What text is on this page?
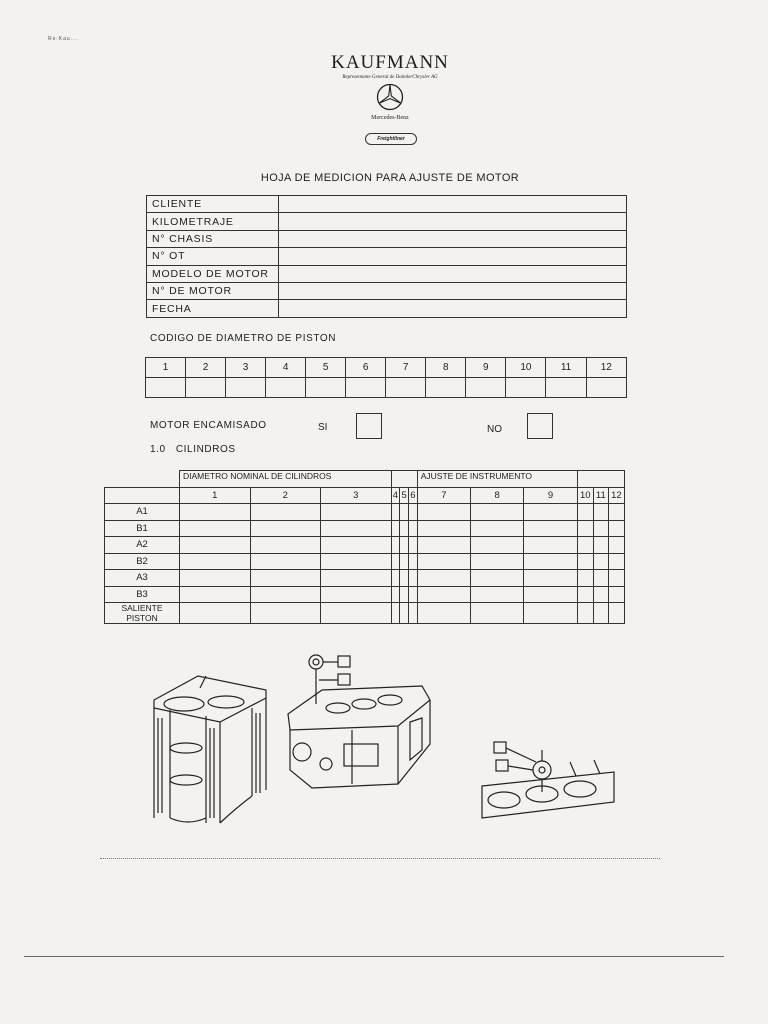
Re:Kau...
KAUFMANN
Representante General de DaimlerChrysler AG
Mercedes-Benz
Freightliner
HOJA DE MEDICION PARA AJUSTE DE MOTOR
CLIENTE	
KILOMETRAJE	
N° CHASIS	
N° OT	
MODELO DE MOTOR	
N° DE MOTOR	
FECHA	
CODIGO DE DIAMETRO DE PISTON
1	2	3	4	5	6	7	8	9	10	11	12

MOTOR ENCAMISADO	SI	NO
1.0 CILINDROS
	DIAMETRO NOMINAL DE CILINDROS						AJUSTE DE INSTRUMENTO					
	1	2	3	4	5	6	7	8	9	10	11	12
A1												
B1												
A2												
B2												
A3												
B3												
SALIENTE PISTON												
